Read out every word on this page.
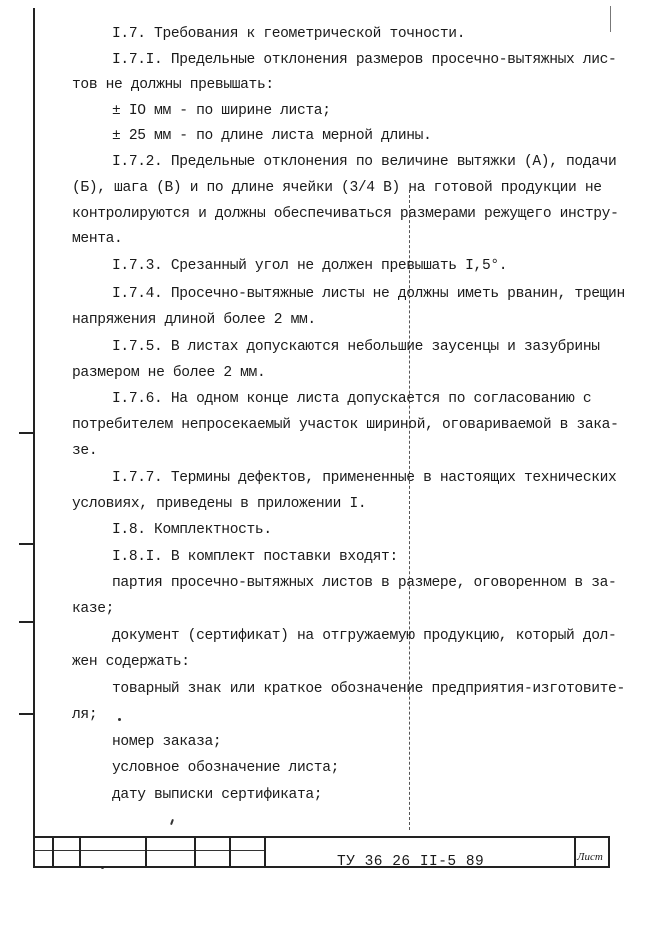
I.7. Требования к геометрической точности.
I.7.I. Предельные отклонения размеров просечно-вытяжных лис-
тов не должны превышать:
± IO мм - по ширине листа;
± 25 мм - по длине листа мерной длины.
I.7.2. Предельные отклонения по величине вытяжки (А), подачи
(Б), шага (В) и по длине ячейки (3/4 В) на готовой продукции не
контролируются и должны обеспечиваться размерами режущего инстру-
мента.
I.7.3. Срезанный угол не должен превышать I,5°.
I.7.4. Просечно-вытяжные листы не должны иметь рванин, трещин
напряжения длиной более 2 мм.
I.7.5. В листах допускаются небольшие заусенцы и зазубрины
размером не более 2 мм.
I.7.6. На одном конце листа допускается по согласованию с
потребителем непросекаемый участок шириной, оговариваемой в зака-
зе.
I.7.7. Термины дефектов, примененные в настоящих технических
условиях, приведены в приложении I.
I.8. Комплектность.
I.8.I. В комплект поставки входят:
партия просечно-вытяжных листов в размере, оговоренном в за-
казе;
документ (сертификат) на отгружаемую продукцию, который дол-
жен содержать:
товарный знак или краткое обозначение предприятия-изготовите-
ля;
номер заказа;
условное обозначение листа;
дату выписки сертификата;
ТУ 36 26 II-5 89	Лист
